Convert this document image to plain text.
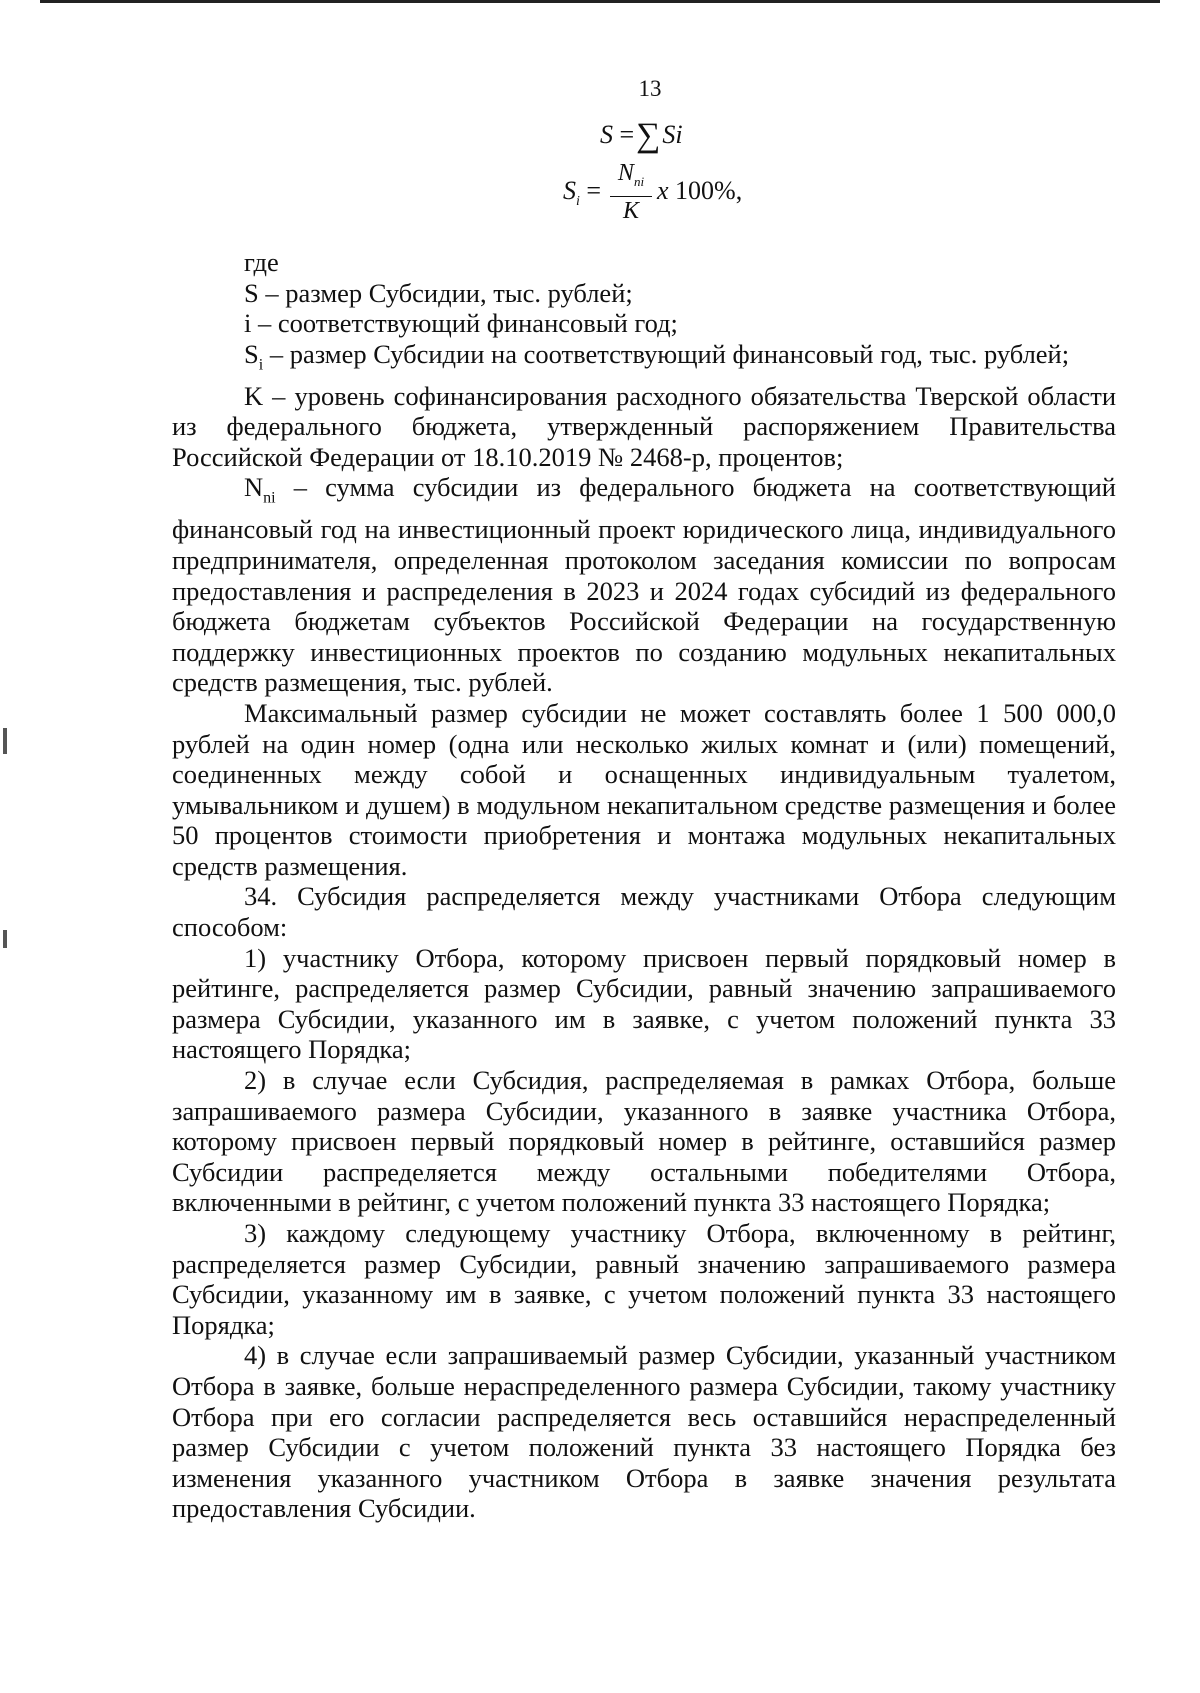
13
S =∑Si
$S_i$ =
$N_{ni}$
K
x 100%,

где

S – размер Субсидии, тыс. рублей;

i – соответствующий финансовый год;

$S_i$ – размер Субсидии на соответствующий финансовый год, тыс. рублей;

K – уровень софинансирования расходного обязательства Тверской области из федерального бюджета, утвержденный распоряжением Правительства Российской Федерации от 18.10.2019 № 2468-р, процентов;

$N_{ni}$ – сумма субсидии из федерального бюджета на соответствующий финансовый год на инвестиционный проект юридического лица, индивидуального предпринимателя, определенная протоколом заседания комиссии по вопросам предоставления и распределения в 2023 и 2024 годах субсидий из федерального бюджета бюджетам субъектов Российской Федерации на государственную поддержку инвестиционных проектов по созданию модульных некапитальных средств размещения, тыс. рублей.

Максимальный размер субсидии не может составлять более 1 500 000,0 рублей на один номер (одна или несколько жилых комнат и (или) помещений, соединенных между собой и оснащенных индивидуальным туалетом, умывальником и душем) в модульном некапитальном средстве размещения и более 50 процентов стоимости приобретения и монтажа модульных некапитальных средств размещения.

34. Субсидия распределяется между участниками Отбора следующим способом:

1) участнику Отбора, которому присвоен первый порядковый номер в рейтинге, распределяется размер Субсидии, равный значению запрашиваемого размера Субсидии, указанного им в заявке, с учетом положений пункта 33 настоящего Порядка;

2) в случае если Субсидия, распределяемая в рамках Отбора, больше запрашиваемого размера Субсидии, указанного в заявке участника Отбора, которому присвоен первый порядковый номер в рейтинге, оставшийся размер Субсидии распределяется между остальными победителями Отбора, включенными в рейтинг, с учетом положений пункта 33 настоящего Порядка;

3) каждому следующему участнику Отбора, включенному в рейтинг, распределяется размер Субсидии, равный значению запрашиваемого размера Субсидии, указанному им в заявке, с учетом положений пункта 33 настоящего Порядка;

4) в случае если запрашиваемый размер Субсидии, указанный участником Отбора в заявке, больше нераспределенного размера Субсидии, такому участнику Отбора при его согласии распределяется весь оставшийся нераспределенный размер Субсидии с учетом положений пункта 33 настоящего Порядка без изменения указанного участником Отбора в заявке значения результата предоставления Субсидии.
